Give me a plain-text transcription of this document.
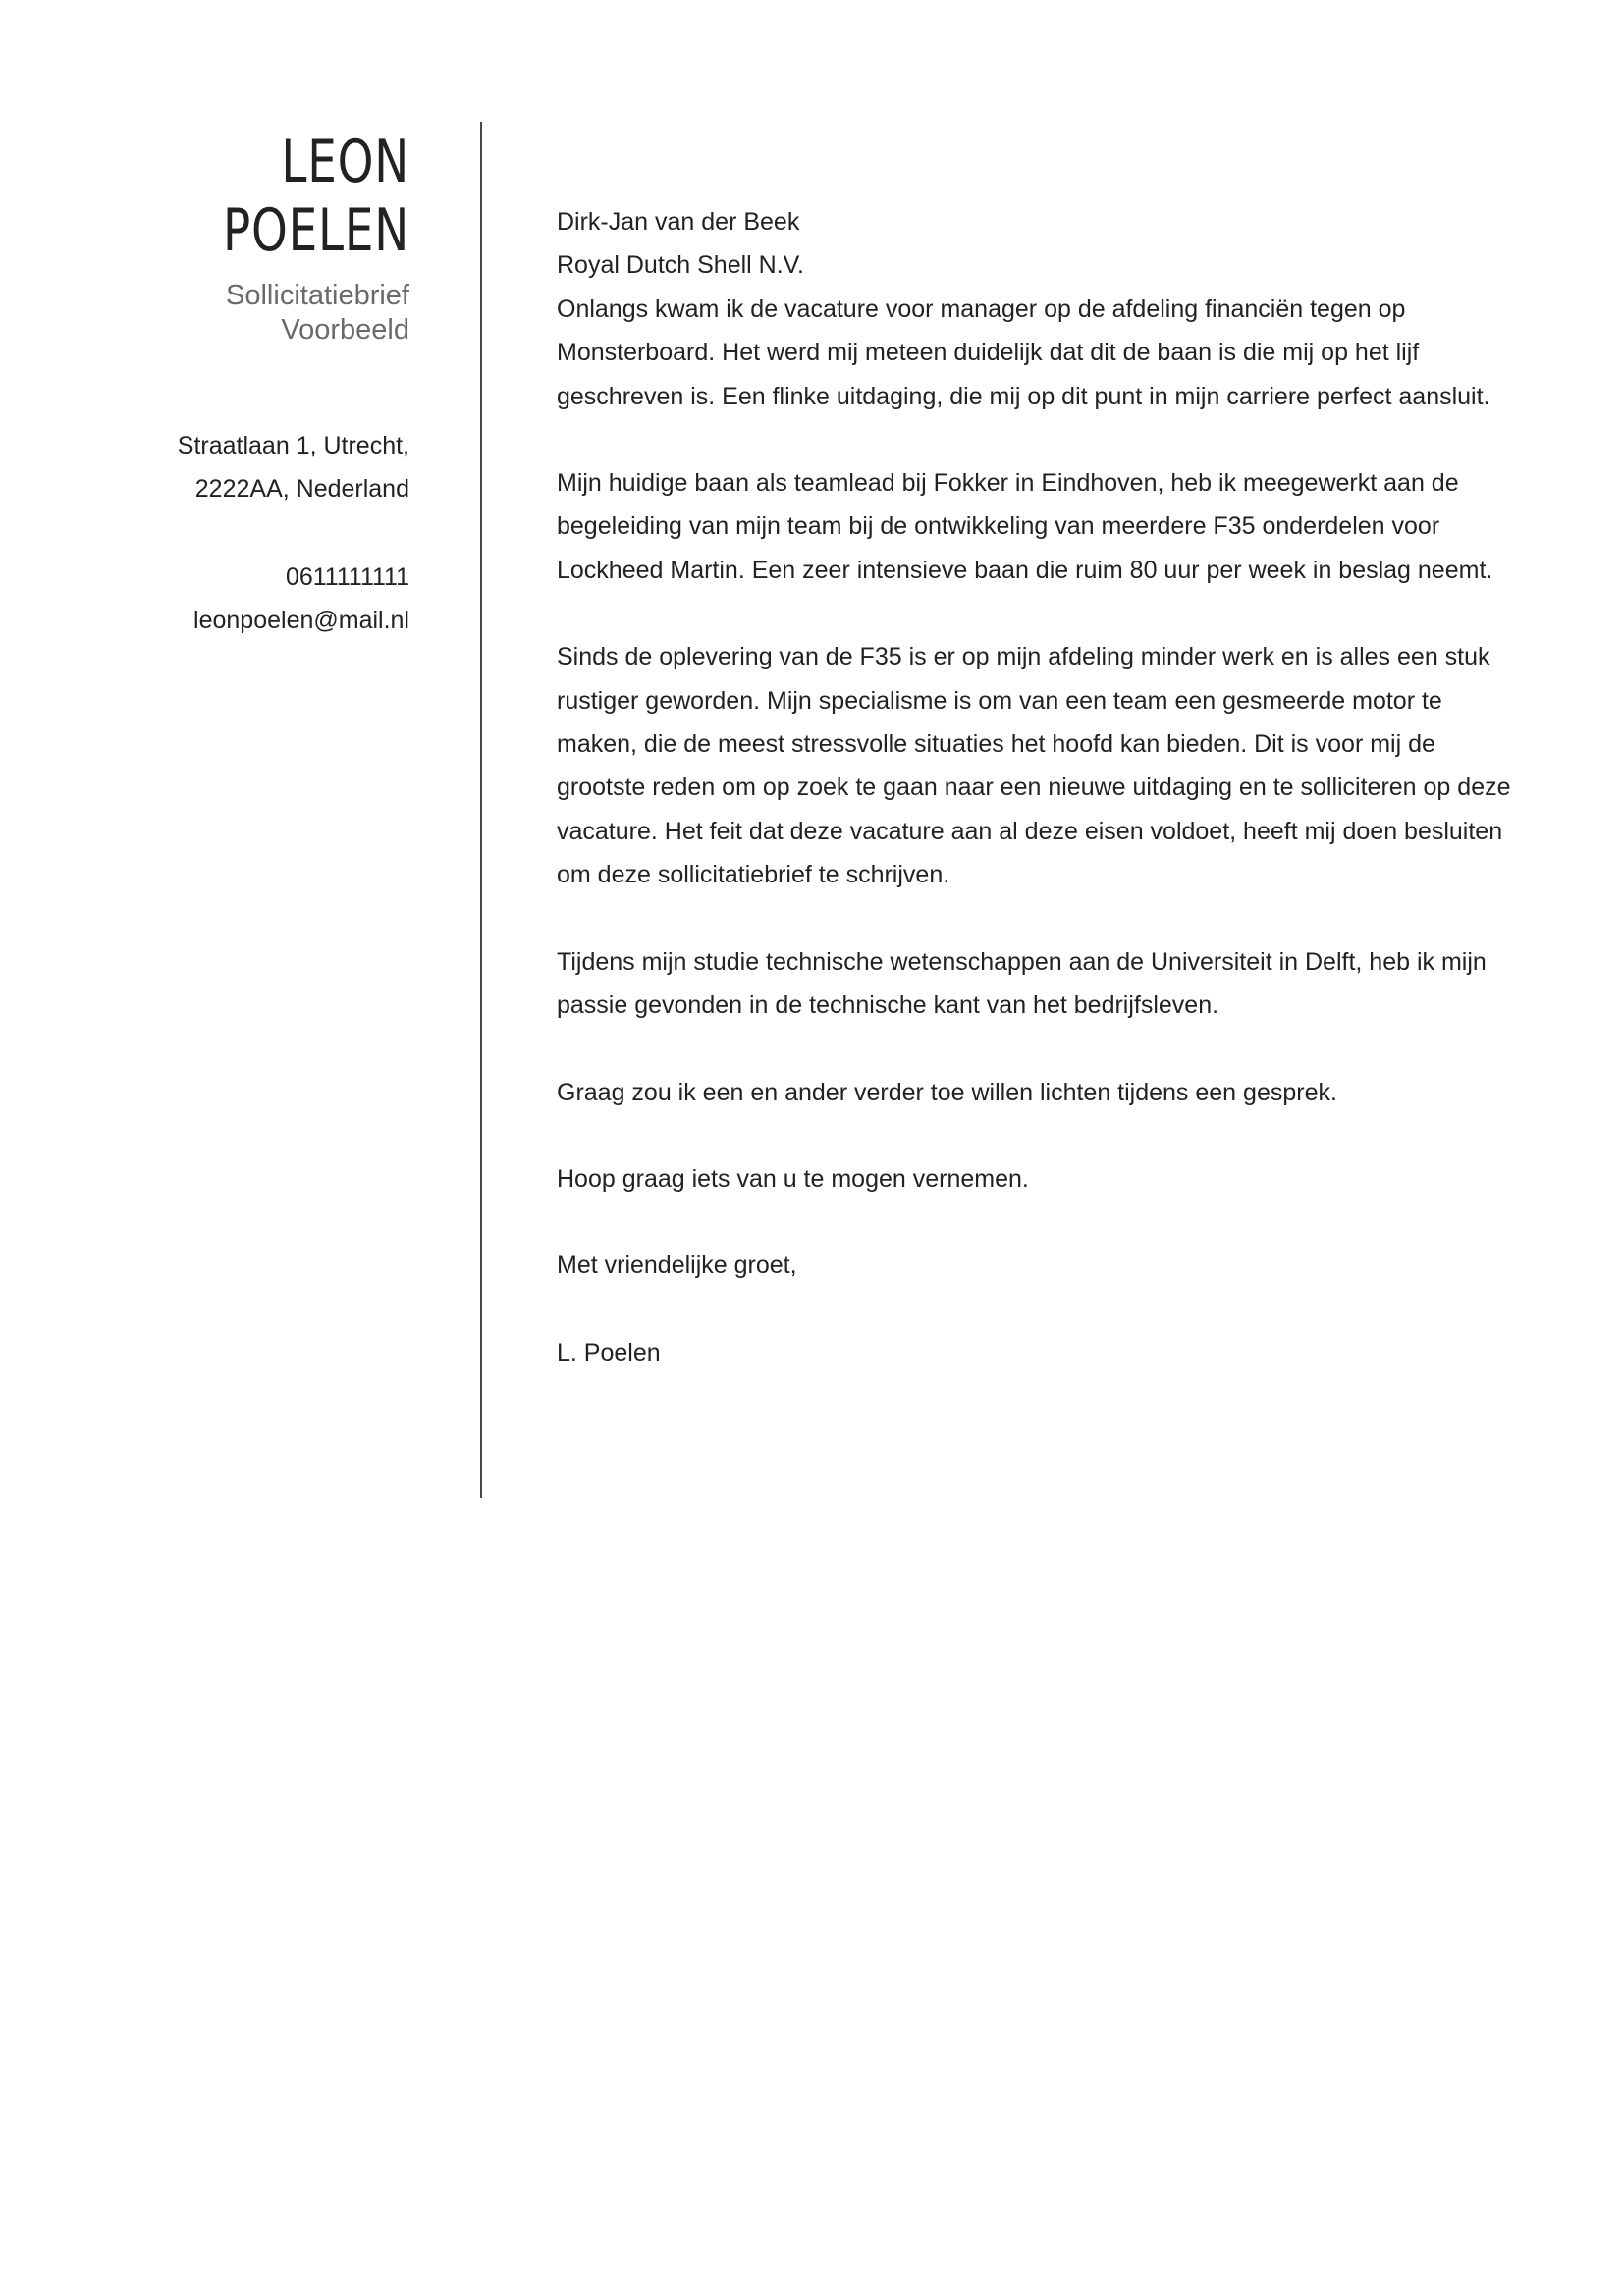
LEON
POELEN
Sollicitatiebrief
Voorbeeld
Straatlaan 1, Utrecht,
2222AA, Nederland
0611111111
leonpoelen@mail.nl

Dirk-Jan van der Beek

Royal Dutch Shell N.V.

Onlangs kwam ik de vacature voor manager op de afdeling financiën tegen op Monsterboard. Het werd mij meteen duidelijk dat dit de baan is die mij op het lijf geschreven is. Een flinke uitdaging, die mij op dit punt in mijn carriere perfect aansluit.

Mijn huidige baan als teamlead bij Fokker in Eindhoven, heb ik meegewerkt aan de begeleiding van mijn team bij de ontwikkeling van meerdere F35 onderdelen voor Lockheed Martin. Een zeer intensieve baan die ruim 80 uur per week in beslag neemt.

Sinds de oplevering van de F35 is er op mijn afdeling minder werk en is alles een stuk rustiger geworden. Mijn specialisme is om van een team een gesmeerde motor te maken, die de meest stressvolle situaties het hoofd kan bieden. Dit is voor mij de grootste reden om op zoek te gaan naar een nieuwe uitdaging en te solliciteren op deze vacature. Het feit dat deze vacature aan al deze eisen voldoet, heeft mij doen besluiten om deze sollicitatiebrief te schrijven.

Tijdens mijn studie technische wetenschappen aan de Universiteit in Delft, heb ik mijn passie gevonden in de technische kant van het bedrijfsleven.

Graag zou ik een en ander verder toe willen lichten tijdens een gesprek.

Hoop graag iets van u te mogen vernemen.

Met vriendelijke groet,

L. Poelen
